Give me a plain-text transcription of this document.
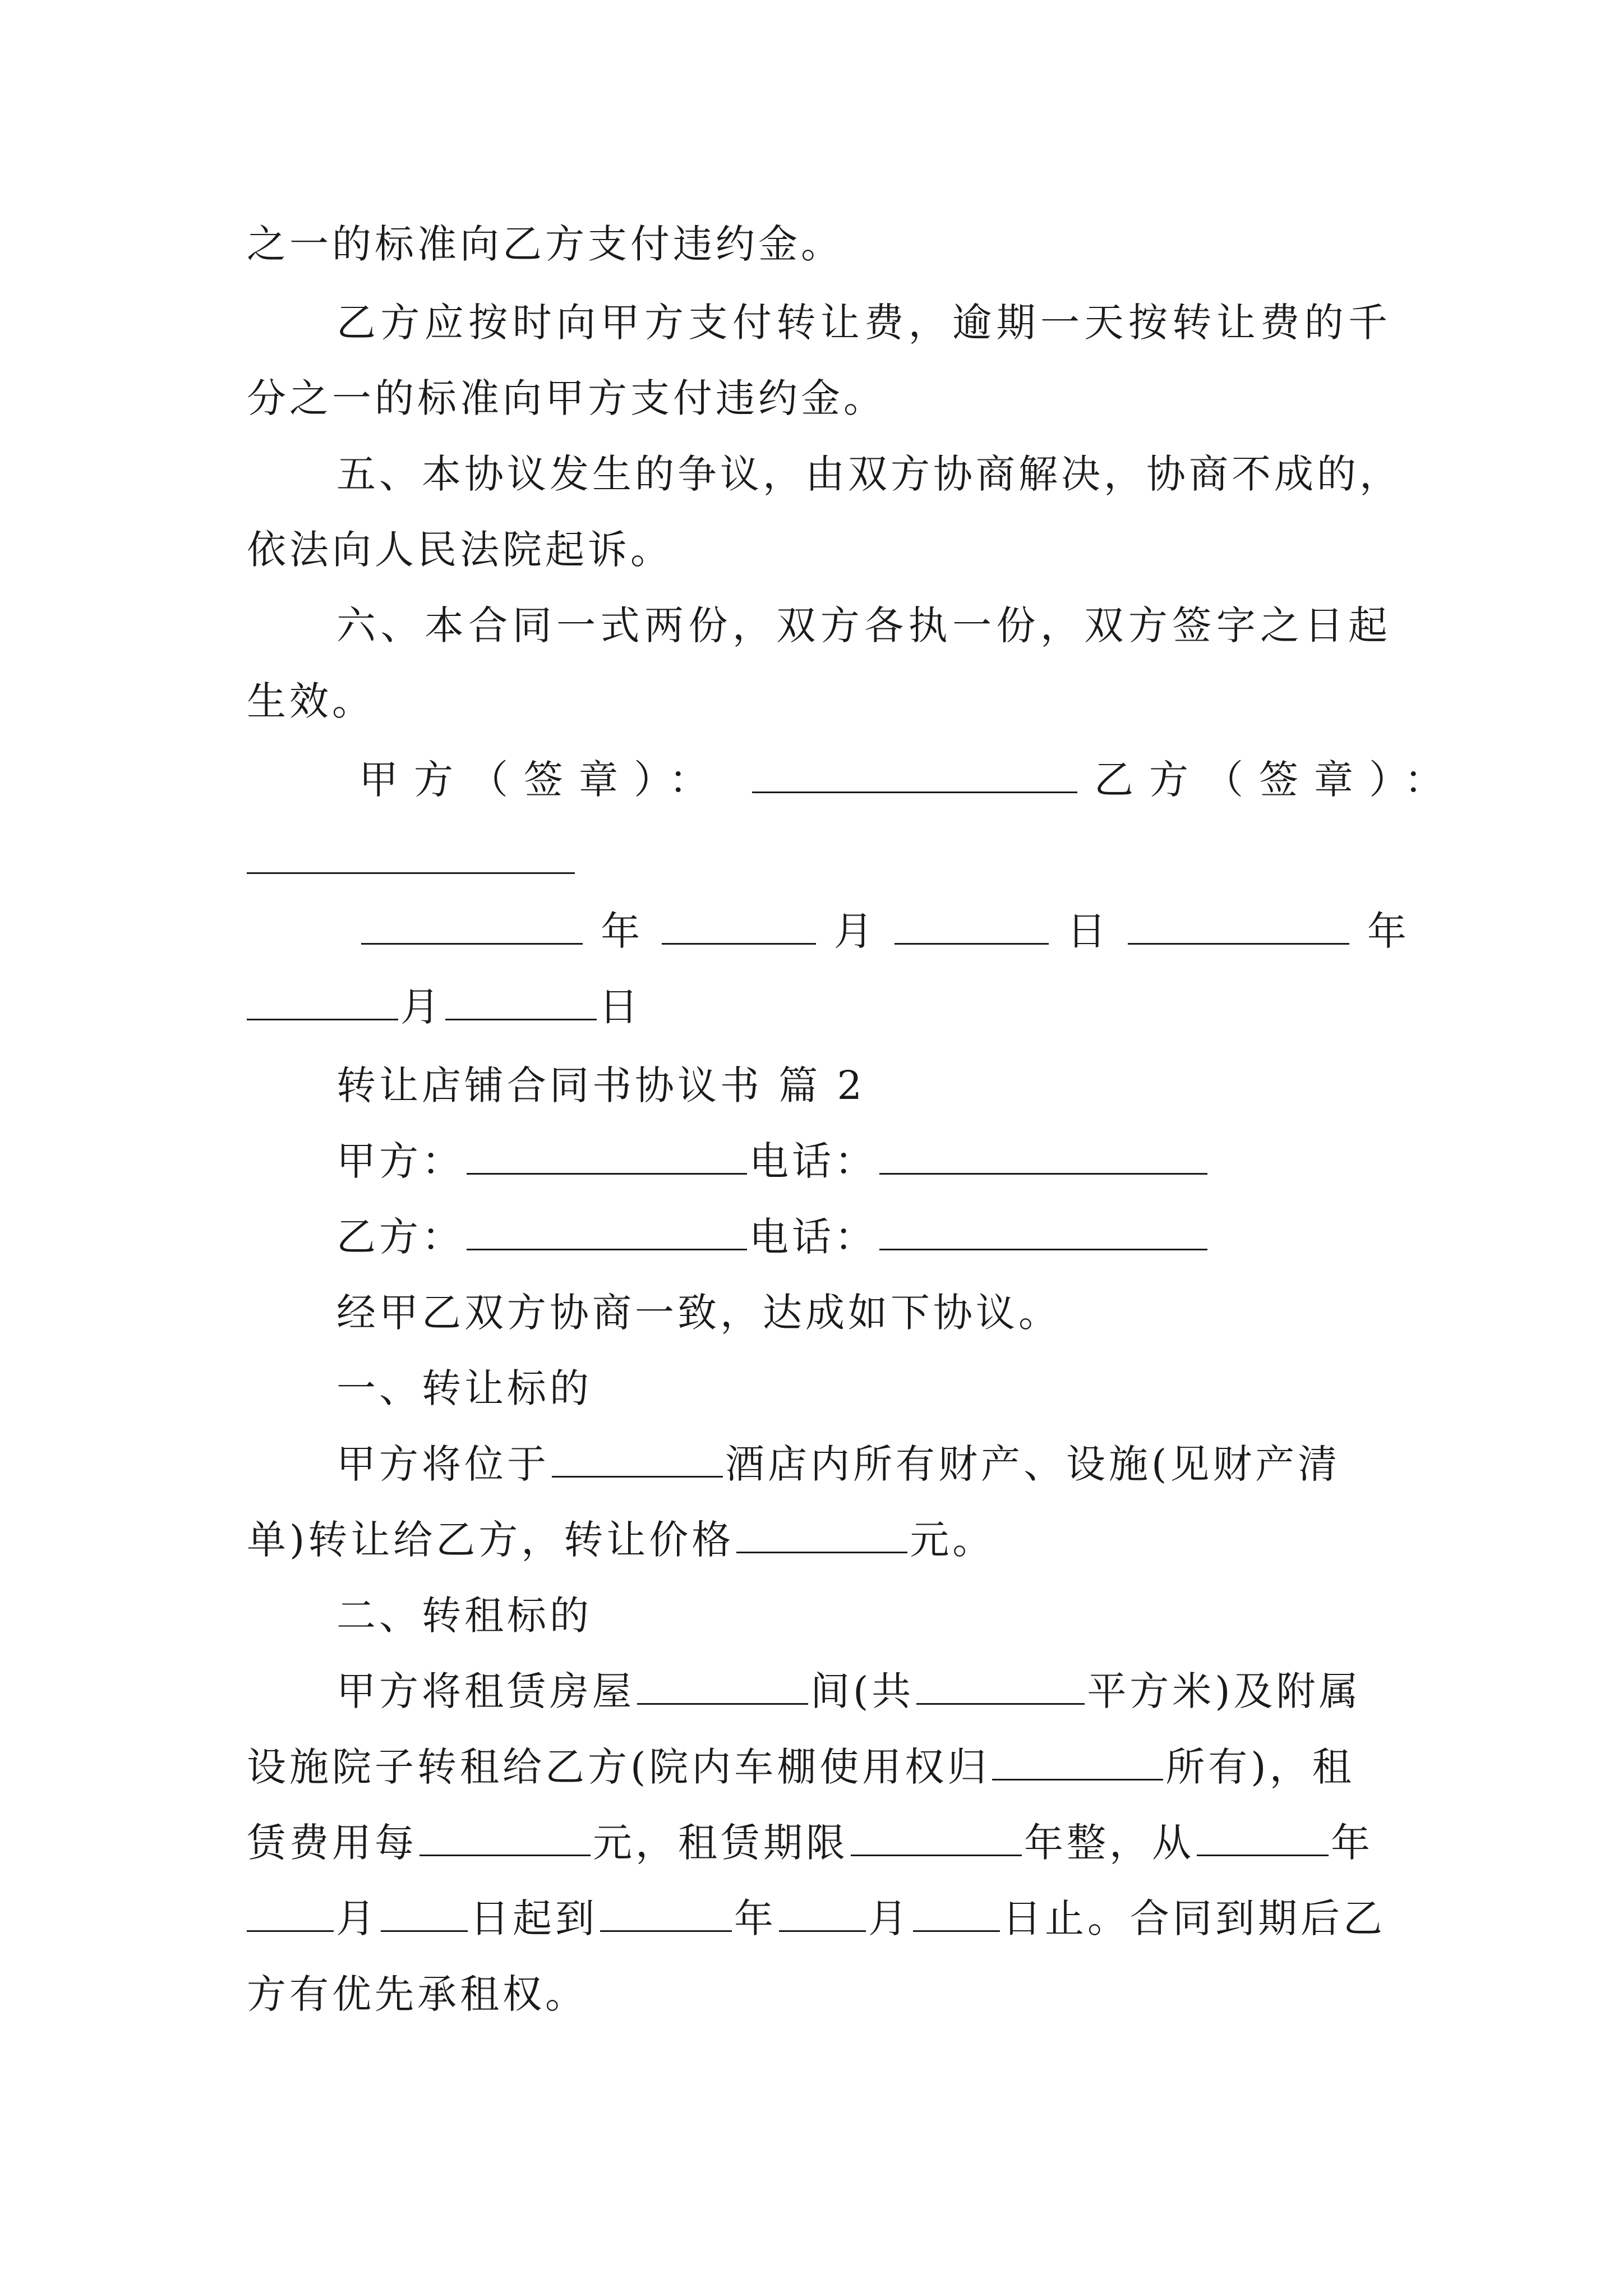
之一的标准向乙方支付违约金。
乙方应按时向甲方支付转让费，逾期一天按转让费的千
分之一的标准向甲方支付违约金。
五、本协议发生的争议，由双方协商解决，协商不成的，
依法向人民法院起诉。
六、本合同一式两份，双方各执一份，双方签字之日起
生效。
甲方（签章）：	乙方（签章）：
年	月	日	年
月	日
转让店铺合同书协议书 篇 2
甲方：	电话：
乙方：	电话：
经甲乙双方协商一致，达成如下协议。
一、转让标的
甲方将位于	酒店内所有财产、设施(见财产清
单)转让给乙方，转让价格	元。
二、转租标的
甲方将租赁房屋	间(共	平方米)及附属
设施院子转租给乙方(院内车棚使用权归	所有)，租
赁费用每	元，租赁期限	年整，从	年
月 日起到	年 月 日止。合同到期后乙
方有优先承租权。
